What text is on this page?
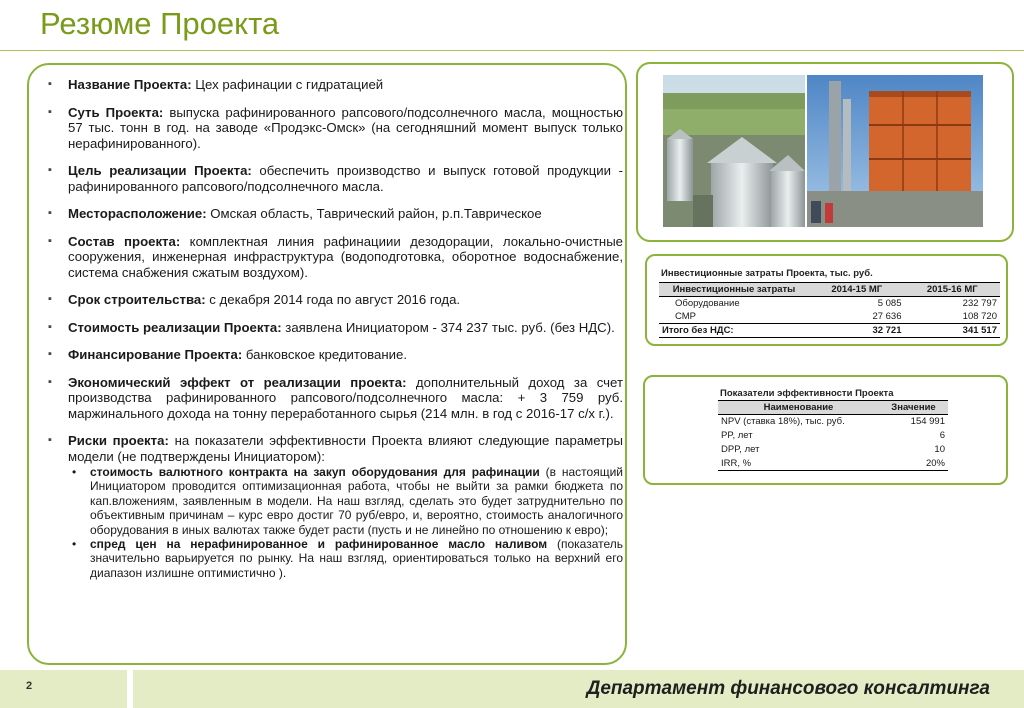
Резюме Проекта
▪ Название Проекта: Цех рафинации с гидратацией
▪ Суть Проекта: выпуска рафинированного рапсового/подсолнечного масла, мощностью 57 тыс. тонн в год. на заводе «Продэкс-Омск» (на сегодняшний момент выпуск только нерафинированного).
▪ Цель реализации Проекта: обеспечить производство и выпуск готовой продукции - рафинированного рапсового/подсолнечного масла.
▪ Месторасположение: Омская область, Таврический район, р.п.Таврическое
▪ Состав проекта: комплектная линия рафинациии дезодорации, локально-очистные сооружения, инженерная инфраструктура (водоподготовка, оборотное водоснабжение, система снабжения сжатым воздухом).
▪ Срок строительства: с декабря 2014 года по август 2016 года.
▪ Стоимость реализации Проекта: заявлена Инициатором - 374 237 тыс. руб. (без НДС).
▪ Финансирование Проекта: банковское кредитование.
▪ Экономический эффект от реализации проекта: дополнительный доход за счет производства рафинированного рапсового/подсолнечного масла: + 3 759 руб. маржинального дохода на тонну переработанного сырья (214 млн. в год с 2016-17 с/х г.).
▪ Риски проекта: на показатели эффективности Проекта влияют следующие параметры модели (не подтверждены Инициатором):
• стоимость валютного контракта на закуп оборудования для рафинации (в настоящий Инициатором проводится оптимизационная работа, чтобы не выйти за рамки бюджета по кап.вложениям, заявленным в модели. На наш взгляд, сделать это будет затруднительно по объективным причинам – курс евро достиг 70 руб/евро, и, вероятно, стоимость аналогичного оборудования в иных валютах также будет расти (пусть и не линейно по отношению к евро);
• спред цен на нерафинированное и рафинированное масло наливом (показатель значительно варьируется по рынку. На наш взгляд, ориентироваться только на верхний его диапазон излишне оптимистично ).
Инвестиционные затраты Проекта, тыс. руб.
Инвестиционные затраты	2014-15 МГ	2015-16 МГ
Оборудование	5 085	232 797
СМР	27 636	108 720
Итого без НДС:	32 721	341 517
Показатели эффективности Проекта
Наименование	Значение
NPV (ставка 18%), тыс. руб.	154 991
PP, лет	6
DPP, лет	10
IRR, %	20%
2	Департамент финансового консалтинга
